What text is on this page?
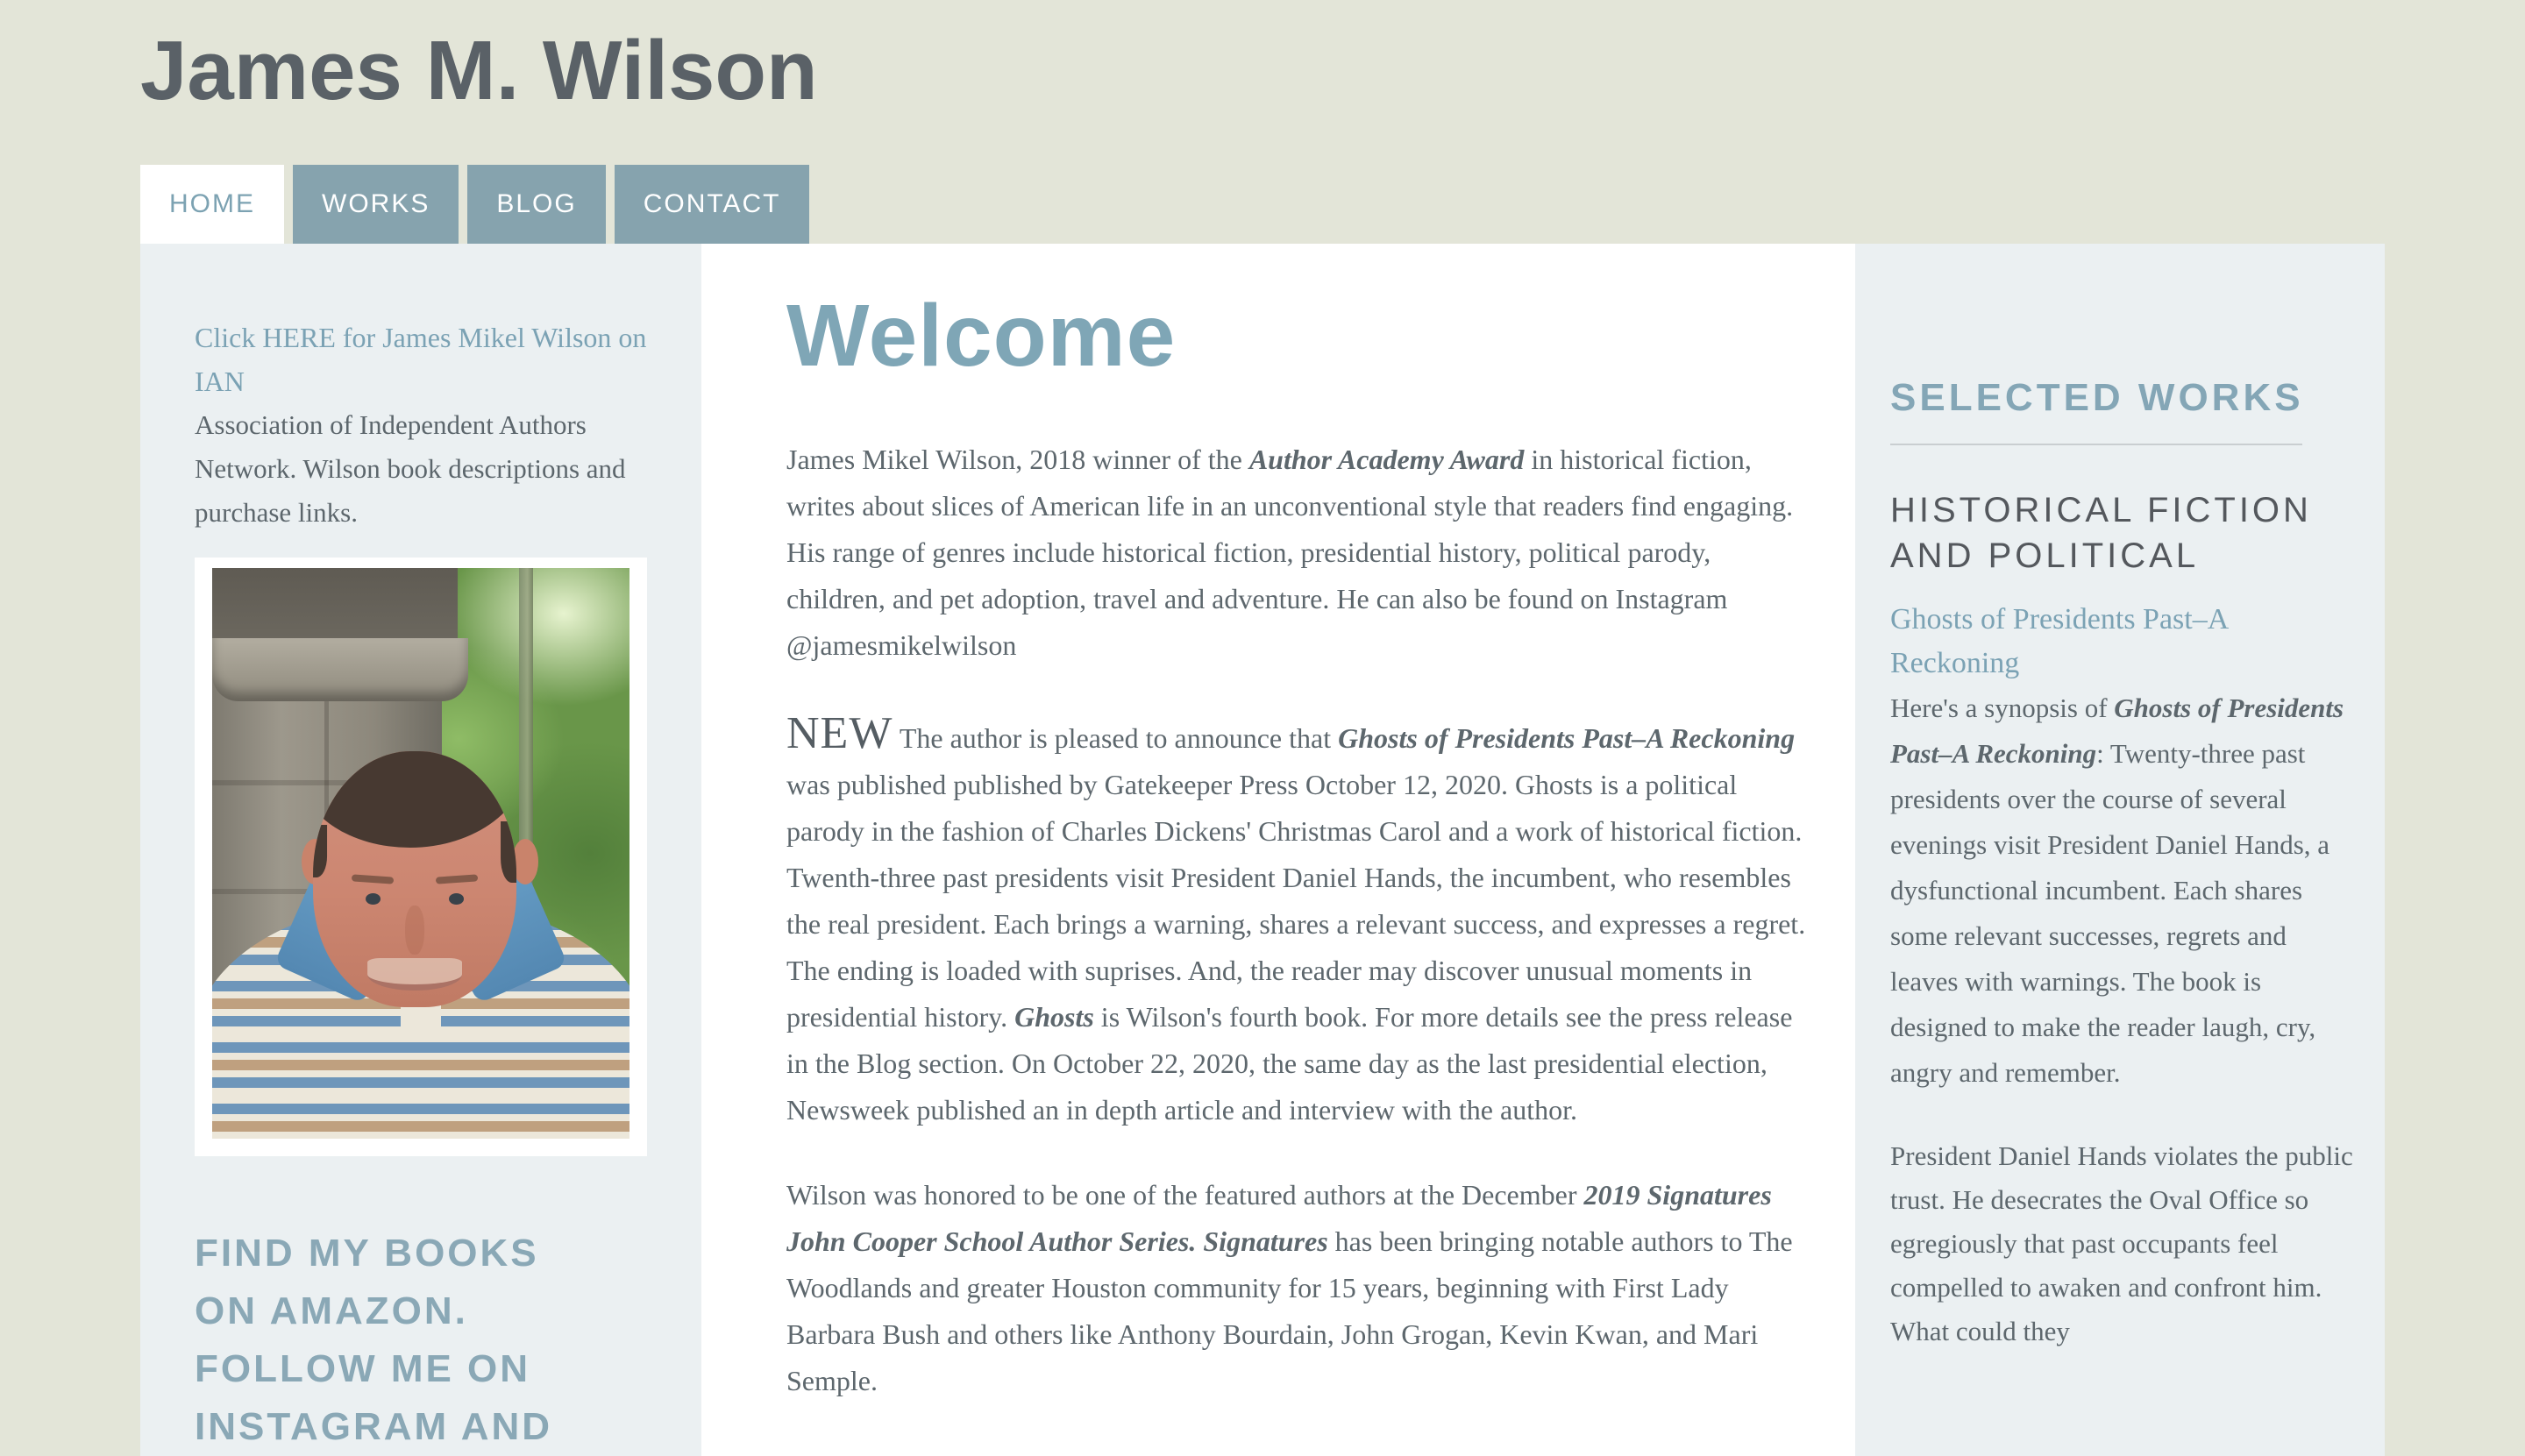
James M. Wilson
HOME	WORKS	BLOG	CONTACT
Click HERE for James Mikel Wilson on IAN

Association of Independent Authors Network. Wilson book descriptions and purchase links.

FIND MY BOOKS ON AMAZON. FOLLOW ME ON INSTAGRAM AND
Welcome

James Mikel Wilson, 2018 winner of the Author Academy Award in historical fiction, writes about slices of American life in an unconventional style that readers find engaging. His range of genres include historical fiction, presidential history, political parody, children, and pet adoption, travel and adventure. He can also be found on Instagram @jamesmikelwilson

NEW The author is pleased to announce that Ghosts of Presidents Past–A Reckoning was published published by Gatekeeper Press October 12, 2020. Ghosts is a political parody in the fashion of Charles Dickens' Christmas Carol and a work of historical fiction. Twenth-three past presidents visit President Daniel Hands, the incumbent, who resembles the real president. Each brings a warning, shares a relevant success, and expresses a regret. The ending is loaded with suprises. And, the reader may discover unusual moments in presidential history. Ghosts is Wilson's fourth book. For more details see the press release in the Blog section. On October 22, 2020, the same day as the last presidential election, Newsweek published an in depth article and interview with the author.

Wilson was honored to be one of the featured authors at the December 2019 Signatures John Cooper School Author Series. Signatures has been bringing notable authors to The Woodlands and greater Houston community for 15 years, beginning with First Lady Barbara Bush and others like Anthony Bourdain, John Grogan, Kevin Kwan, and Mari Semple.

SELECTED WORKS
HISTORICAL FICTION AND POLITICAL
Ghosts of Presidents Past–A Reckoning

Here's a synopsis of Ghosts of Presidents Past–A Reckoning: Twenty-three past presidents over the course of several evenings visit President Daniel Hands, a dysfunctional incumbent. Each shares some relevant successes, regrets and leaves with warnings. The book is designed to make the reader laugh, cry, angry and remember.

President Daniel Hands violates the public trust. He desecrates the Oval Office so egregiously that past occupants feel compelled to awaken and confront him. What could they
